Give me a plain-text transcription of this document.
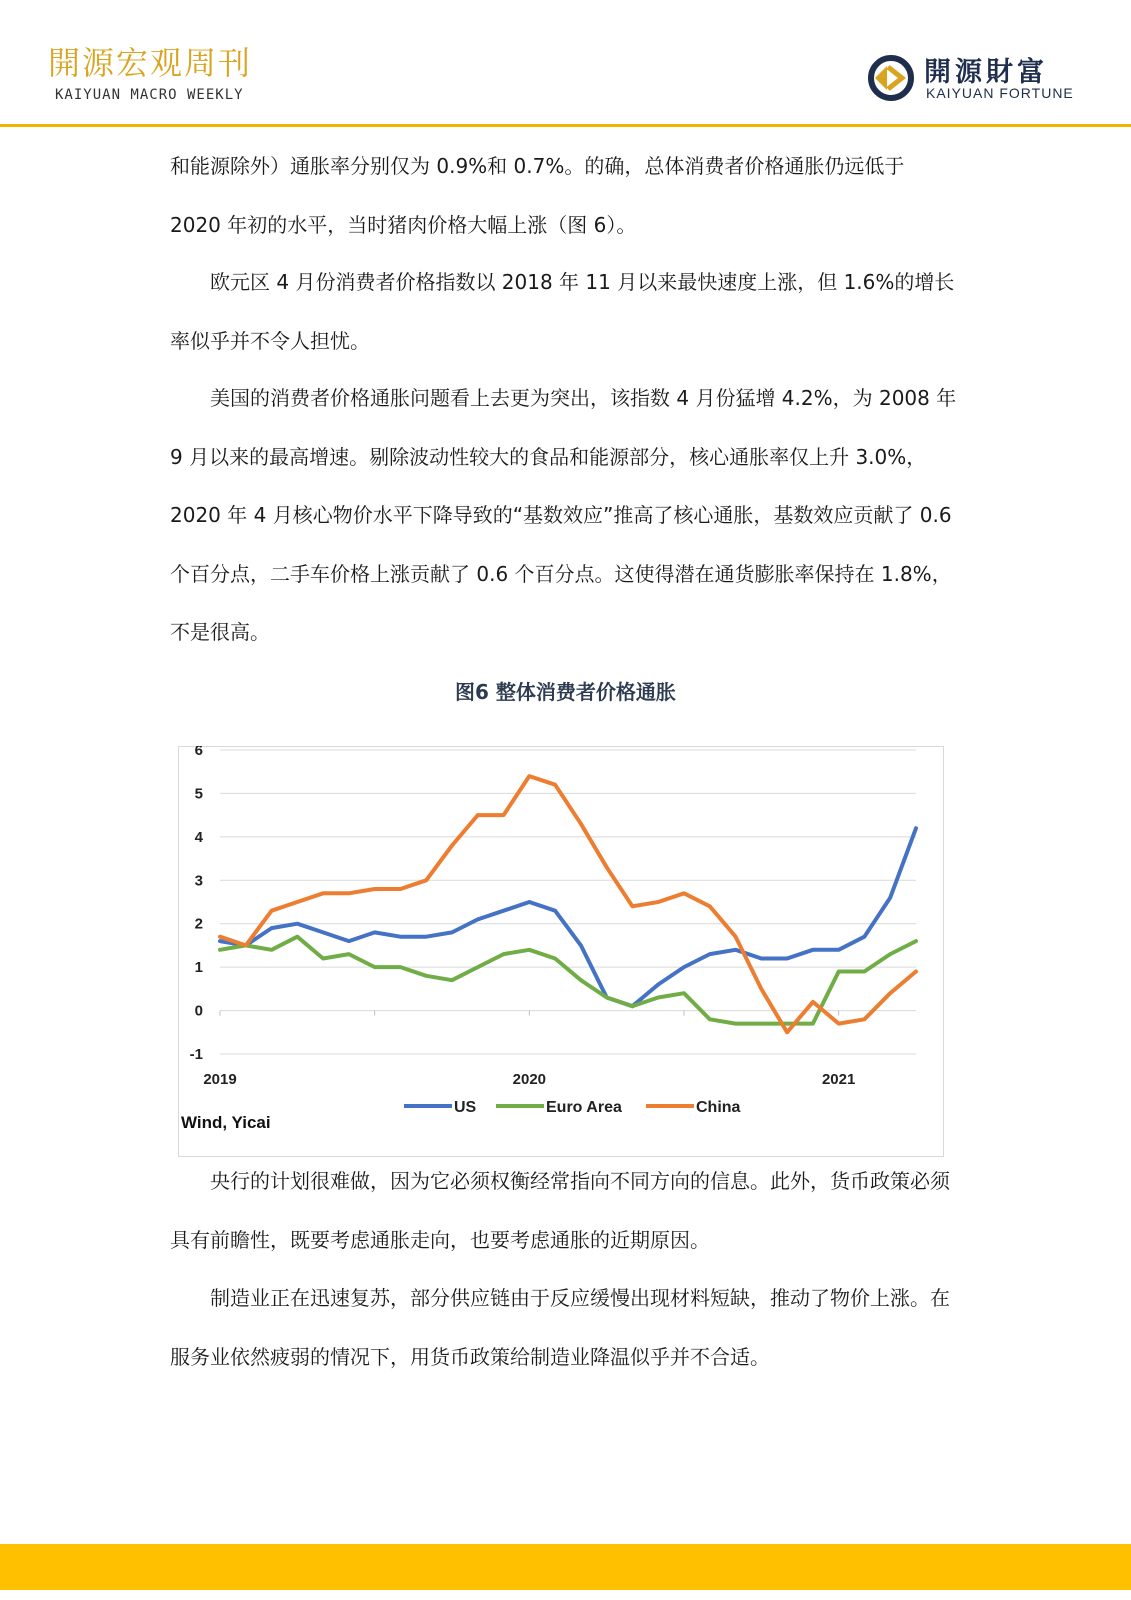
開源宏观周刊
KAIYUAN MACRO WEEKLY
開源財富
KAIYUAN FORTUNE

和能源除外）通胀率分别仅为 0.9%和 0.7%。的确，总体消费者价格通胀仍远低于 2020 年初的水平，当时猪肉价格大幅上涨（图 6）。

欧元区 4 月份消费者价格指数以 2018 年 11 月以来最快速度上涨，但 1.6%的增长率似乎并不令人担忧。

美国的消费者价格通胀问题看上去更为突出，该指数 4 月份猛增 4.2%，为 2008 年 9 月以来的最高增速。剔除波动性较大的食品和能源部分，核心通胀率仅上升 3.0%，2020 年 4 月核心物价水平下降导致的“基数效应”推高了核心通胀，基数效应贡献了 0.6 个百分点，二手车价格上涨贡献了 0.6 个百分点。这使得潜在通货膨胀率保持在 1.8%，不是很高。

图6 整体消费者价格通胀
-1
0
1
2
3
4
5
6
2019	2020	2021
US	Euro Area	China
Wind, Yicai

央行的计划很难做，因为它必须权衡经常指向不同方向的信息。此外，货币政策必须具有前瞻性，既要考虑通胀走向，也要考虑通胀的近期原因。

制造业正在迅速复苏，部分供应链由于反应缓慢出现材料短缺，推动了物价上涨。在服务业依然疲弱的情况下，用货币政策给制造业降温似乎并不合适。
